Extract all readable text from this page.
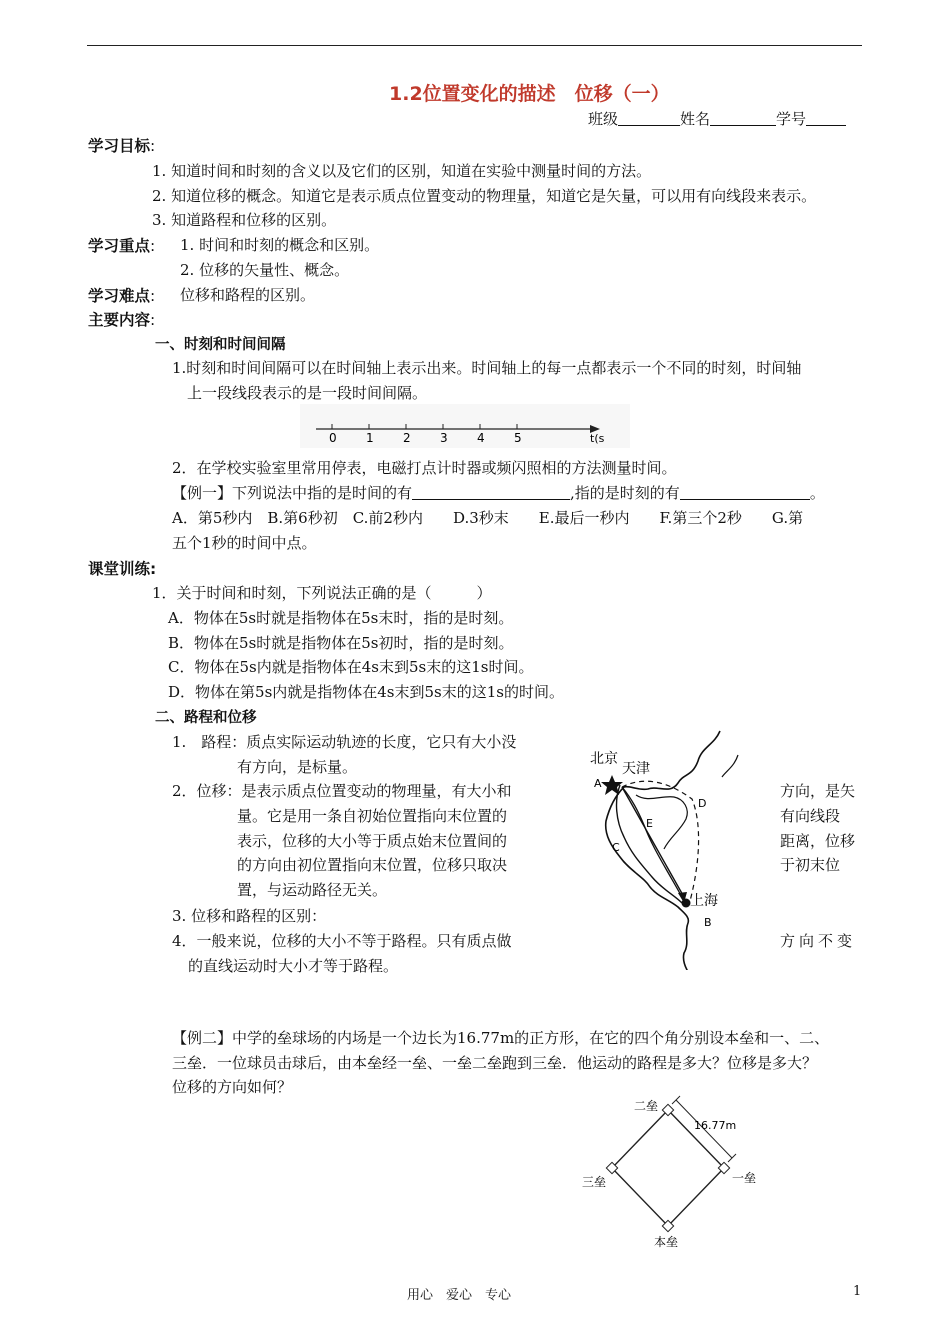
1.2位置变化的描述　位移（一）
班级	姓名	学号
学习目标:
1. 知道时间和时刻的含义以及它们的区别，知道在实验中测量时间的方法。
2. 知道位移的概念。知道它是表示质点位置变动的物理量，知道它是矢量，可以用有向线段来表示。
3. 知道路程和位移的区别。
学习重点: 1. 时间和时刻的概念和区别。
2. 位移的矢量性、概念。
学习难点: 位移和路程的区别。
主要内容:
一、时刻和时间间隔
1.时刻和时间间隔可以在时间轴上表示出来。时间轴上的每一点都表示一个不同的时刻，时间轴
上一段线段表示的是一段时间间隔。
0 1 2 3 4 5	t(s
2．在学校实验室里常用停表，电磁打点计时器或频闪照相的方法测量时间。
【例一】下列说法中指的是时间的有	,指的是时刻的有	。
A．第5秒内　B.第6秒初　C.前2秒内　　D.3秒末　　E.最后一秒内　　F.第三个2秒　　G.第
五个1秒的时间中点。
课堂训练:
1．关于时间和时刻，下列说法正确的是（　　　）
A．物体在5s时就是指物体在5s末时，指的是时刻。
B．物体在5s时就是指物体在5s初时，指的是时刻。
C．物体在5s内就是指物体在4s末到5s末的这1s时间。
D．物体在第5s内就是指物体在4s末到5s末的这1s的时间。
二、路程和位移
1.　路程：质点实际运动轨迹的长度，它只有大小没
有方向，是标量。
2．位移：是表示质点位置变动的物理量，有大小和	方向，是矢
量。它是用一条自初始位置指向末位置的	有向线段
表示，位移的大小等于质点始末位置间的	距离，位移
的方向由初位置指向末位置，位移只取决	于初末位
置，与运动路径无关。
3. 位移和路程的区别：
4．一般来说，位移的大小不等于路程。只有质点做	方向不变
的直线运动时大小才等于路程。
北京
天津
上海
A
B
C
D
E
【例二】中学的垒球场的内场是一个边长为16.77m的正方形，在它的四个角分别设本垒和一、二、
三垒．一位球员击球后，由本垒经一垒、一垒二垒跑到三垒．他运动的路程是多大？位移是多大？
位移的方向如何？
16.77m
二垒
一垒
三垒
本垒
用心　爱心　专心	1
